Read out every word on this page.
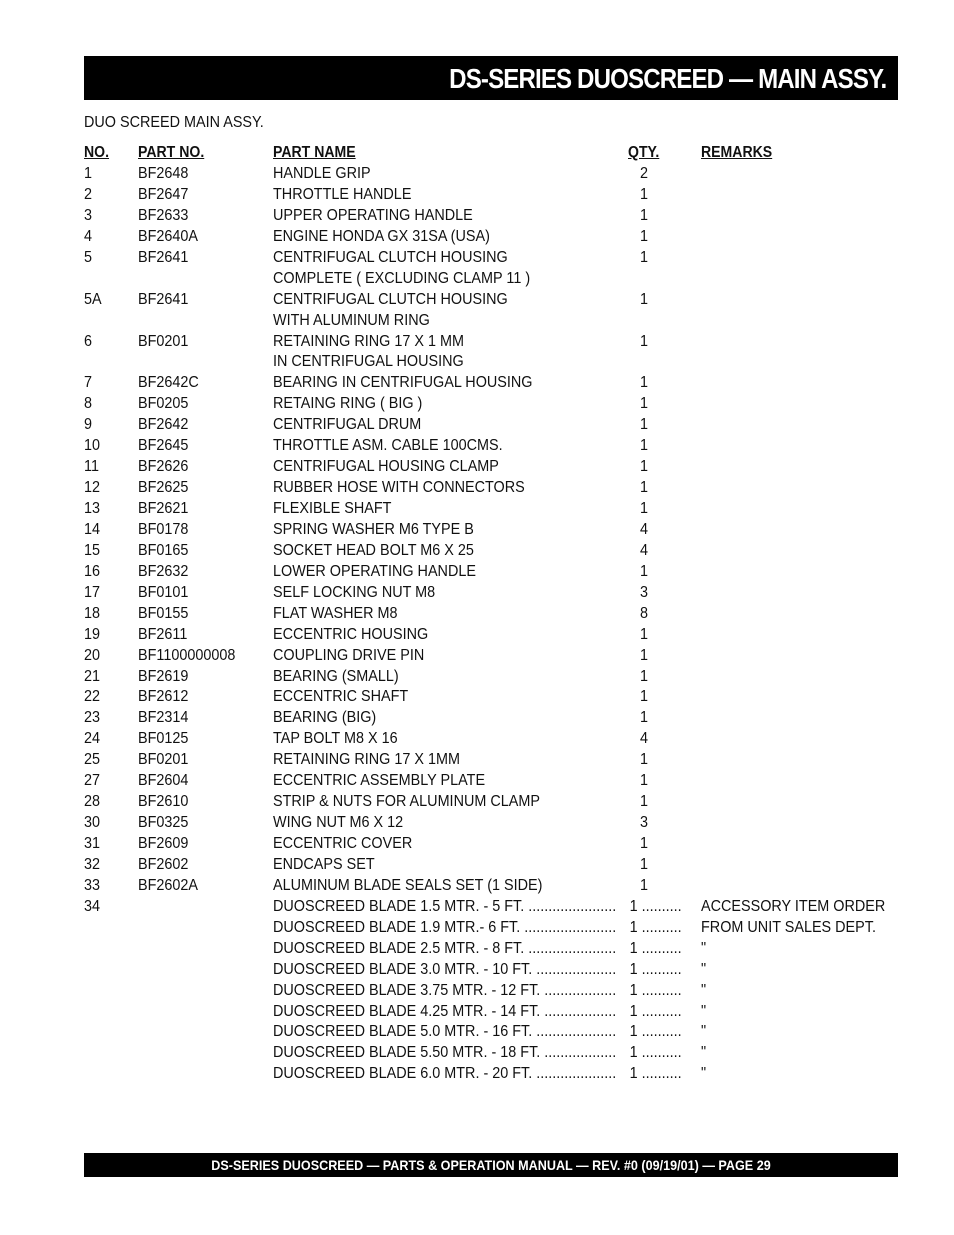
DS-SERIES DUOSCREED — MAIN ASSY.
DUO SCREED MAIN ASSY.
NO. PART NO.	PART NAME	QTY.	REMARKS
1	BF2648	HANDLE GRIP	2
2	BF2647	THROTTLE HANDLE	1
3	BF2633	UPPER OPERATING HANDLE	1
4	BF2640A	ENGINE HONDA GX 31SA (USA)	1
5	BF2641	CENTRIFUGAL CLUTCH HOUSING	1
COMPLETE ( EXCLUDING CLAMP 11 )
5A BF2641	CENTRIFUGAL CLUTCH HOUSING	1
WITH ALUMINUM RING
6	BF0201	RETAINING RING 17 X 1 MM	1
IN CENTRIFUGAL HOUSING
7	BF2642C	BEARING IN CENTRIFUGAL HOUSING	1
8	BF0205	RETAING RING ( BIG )	1
9	BF2642	CENTRIFUGAL DRUM	1
10 BF2645	THROTTLE ASM. CABLE 100CMS.	1
11 BF2626	CENTRIFUGAL HOUSING CLAMP	1
12 BF2625	RUBBER HOSE WITH CONNECTORS	1
13 BF2621	FLEXIBLE SHAFT	1
14 BF0178	SPRING WASHER M6 TYPE B	4
15 BF0165	SOCKET HEAD BOLT M6 X 25	4
16 BF2632	LOWER OPERATING HANDLE	1
17 BF0101	SELF LOCKING NUT M8	3
18 BF0155	FLAT WASHER M8	8
19 BF2611	ECCENTRIC HOUSING	1
20 BF1100000008 COUPLING DRIVE PIN	1
21 BF2619	BEARING (SMALL)	1
22 BF2612	ECCENTRIC SHAFT	1
23 BF2314	BEARING (BIG)	1
24 BF0125	TAP BOLT M8 X 16	4
25 BF0201	RETAINING RING 17 X 1MM	1
27 BF2604	ECCENTRIC ASSEMBLY PLATE	1
28 BF2610	STRIP & NUTS FOR ALUMINUM CLAMP	1
30 BF0325	WING NUT M6 X 12	3
31 BF2609	ECCENTRIC COVER	1
32 BF2602	ENDCAPS SET	1
33 BF2602A	ALUMINUM BLADE SEALS SET (1 SIDE)	1
34	DUOSCREED BLADE 1.5 MTR. - 5 FT. ...................... 1 .......... ACCESSORY ITEM ORDER
DUOSCREED BLADE 1.9 MTR.- 6 FT. ....................... 1 .......... FROM UNIT SALES DEPT.
DUOSCREED BLADE 2.5 MTR. - 8 FT. ...................... 1 .......... "
DUOSCREED BLADE 3.0 MTR. - 10 FT. .................... 1 .......... "
DUOSCREED BLADE 3.75 MTR. - 12 FT. .................. 1 .......... "
DUOSCREED BLADE 4.25 MTR. - 14 FT. .................. 1 .......... "
DUOSCREED BLADE 5.0 MTR. - 16 FT. .................... 1 .......... "
DUOSCREED BLADE 5.50 MTR. - 18 FT. .................. 1 .......... "
DUOSCREED BLADE 6.0 MTR. - 20 FT. .................... 1 .......... "
DS-SERIES DUOSCREED — PARTS & OPERATION MANUAL — REV. #0 (09/19/01) — PAGE 29
